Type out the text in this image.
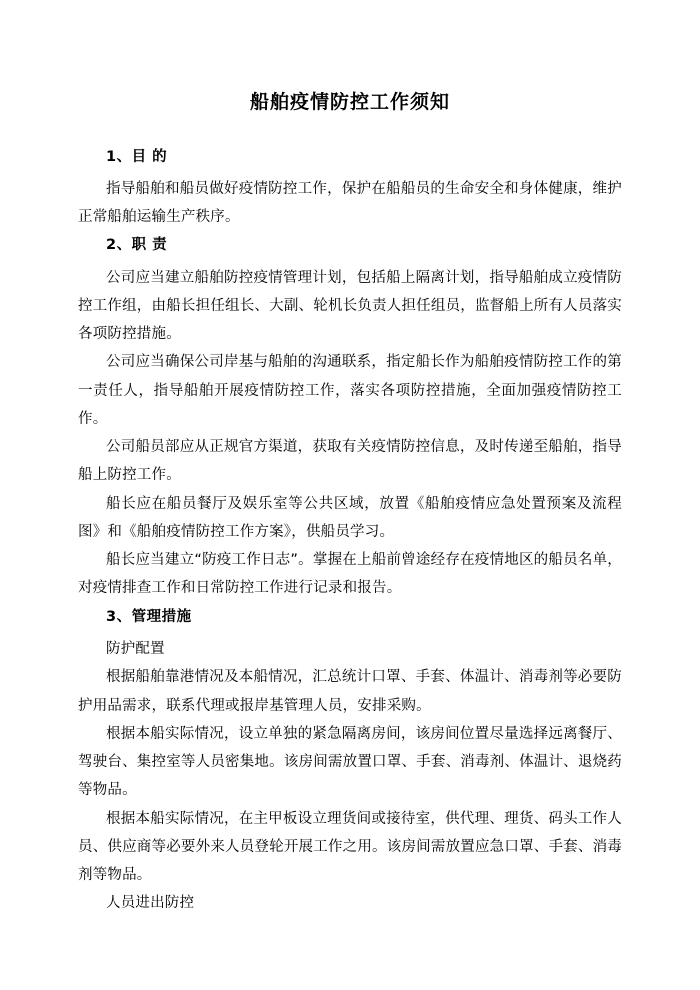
船舶疫情防控工作须知
1、目 的

指导船舶和船员做好疫情防控工作，保护在船船员的生命安全和身体健康，维护正常船舶运输生产秩序。

2、职 责

公司应当建立船舶防控疫情管理计划，包括船上隔离计划，指导船舶成立疫情防控工作组，由船长担任组长、大副、轮机长负责人担任组员，监督船上所有人员落实各项防控措施。

公司应当确保公司岸基与船舶的沟通联系，指定船长作为船舶疫情防控工作的第一责任人，指导船舶开展疫情防控工作，落实各项防控措施，全面加强疫情防控工作。

公司船员部应从正规官方渠道，获取有关疫情防控信息，及时传递至船舶，指导船上防控工作。

船长应在船员餐厅及娱乐室等公共区域，放置《船舶疫情应急处置预案及流程图》和《船舶疫情防控工作方案》，供船员学习。

船长应当建立“防疫工作日志”。掌握在上船前曾途经存在疫情地区的船员名单，对疫情排查工作和日常防控工作进行记录和报告。

3、管理措施

防护配置

根据船舶靠港情况及本船情况，汇总统计口罩、手套、体温计、消毒剂等必要防护用品需求，联系代理或报岸基管理人员，安排采购。

根据本船实际情况，设立单独的紧急隔离房间，该房间位置尽量选择远离餐厅、驾驶台、集控室等人员密集地。该房间需放置口罩、手套、消毒剂、体温计、退烧药等物品。

根据本船实际情况，在主甲板设立理货间或接待室，供代理、理货、码头工作人员、供应商等必要外来人员登轮开展工作之用。该房间需放置应急口罩、手套、消毒剂等物品。

人员进出防控
